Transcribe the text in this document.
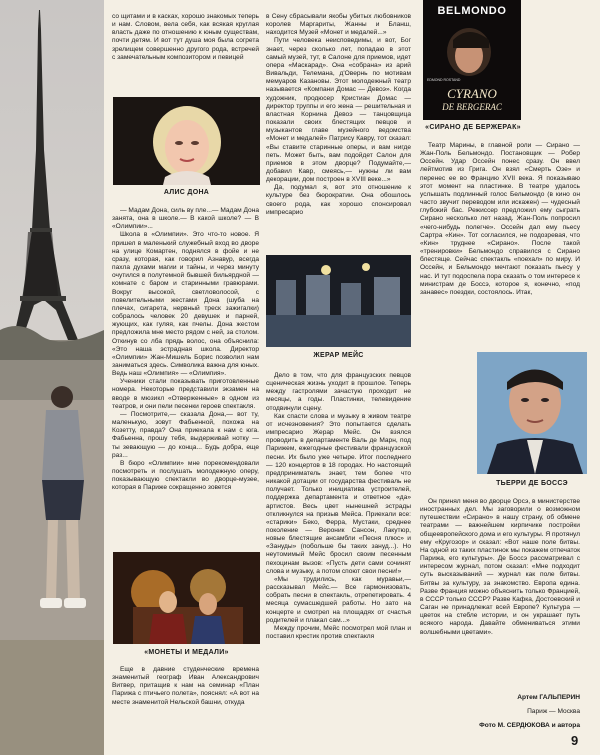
со щитами и в касках, хорошо знакомых теперь и нам. Словом, вела себя, как всякая круглая власть даже по отношению к юным существам, почти детям. И вот тут душа моя была согрета зрелищем совершенно другого рода, встречей с замечательным композитором и певицей

АЛИС ДОНА

— Мадам Дона, силь ву пле...— Мадам Дона занята, она в школе.— В какой школе? — В «Олимпии»...

Школа в «Олимпии». Это что-то новое. Я пришел в маленький служебный вход во дворе на улице Комартен, поднялся в фойе и не сразу, которая, как говорил Азнавур, всегда пахла духами магии и тайны, и через минуту очутился в полутемной бывшей бильярдной — комнате с баром и старинными гравюрами. Вокруг высокой, светловолосой, с повелительными жестами Дона (шуба на плечах, сигарета, нервный треск зажигалки) собралось человек 20 девушек и парней, жующих, как гуляя, как пчелы. Дона жестом предложила мне место рядом с ней, за столом. Откинув со лба прядь волос, она объяснила: «Это наша эстрадная школа. Директор «Олимпии» Жан-Мишель Борис позволил нам заниматься здесь. Символика важна для юных. Ведь наш «Олимпия» — «Олимпия».

Ученики стали показывать приготовленные номера. Некоторые представили экзамен на вводе в мюзикл «Отверженные» в одном из театров, и они пели песенки героев спектакля.

— Посмотрите,— сказала Дона,— вот ту, маленькую, зовут Фабьенной, похожа на Козетту, правда? Она приехала к нам с юга. Фабьенна, прошу тебя, выдерживай нотку — ты зевающую — до конца... Будь добра, еще раз...

В бюро «Олимпии» мне порекомендовали посмотреть и послушать молодежную оперу, показывающую спектакли во дворце-музее, которая в Париже сокращенно зовется

«МОНЕТЫ И МЕДАЛИ»

Еще в давние студенческие времена знаменитый географ Иван Александрович Витвер, притащив к нам на семинар «План Парижа с птичьего полета», пояснял: «А вот на месте знаменитой Нельской башни, откуда

в Сену сбрасывали якобы убитых любовников королев Маргариты, Жанны и Бланш, находится Музей «Монет и медалей...»

Пути человека неисповедимы, и вот, Бог знает, через сколько лет, попадаю в этот самый музей, тут, в Салоне для приемов, идет опера «Маскарад». Она «собрана» из арий Вивальди, Телемана, д'Овернь по мотивам мемуаров Казановы. Этот молодежный театр называется «Компани Домас — Девоэ». Когда художник, продюсер Кристиан Домас — директор труппы и его жена — решительная и властная Корнина Девоэ — танцовщица показали своих блестящих певцов и музыкантов главе музейного ведомства «Монет и медалей» Патрису Кавру, тот сказал: «Вы ставите старинные оперы, и вам нигде петь. Может быть, вам подойдет Салон для приемов в этом дворце? Подумайте,— добавил Кавр, смеясь,— нужны ли вам декорации, дом построен в XVIII веке...»

Да, подумал я, вот это отношение к культуре без бюрократии. Она обошлось своего рода, как хорошо спонсировал импресарио

ЖЕРАР МЕЙС

Дело в том, что для французских певцов сценическая жизнь уходит в прошлое. Теперь между гастролями зачастую проходит не месяцы, а годы. Пластинки, телевидение отодвинули сцену.

Как спасти слова и музыку в живом театре от исчезновения? Это попытается сделать импресарио Жерар Мейс. Он взялся проводить в департаменте Валь де Марн, под Парижем, ежегодные фестивали французской песни. Их было уже четыре. Итог последнего — 120 концертов в 18 городах. Но настоящий предприниматель знает, тем более что никакой дотации от государства фестиваль не получает. Только инициатива устроителей, поддержка департамента и ответное «да» артистов. Весь цвет нынешней эстрады откликнулся на призыв Мейса. Приехали все: «старики» Беко, Ферра, Мустаки, среднее поколение — Вероник Сансон, Лакутюр, новые блестящие ансамбли «Песня плюс» и «Зануды» (побольше бы таких зануд...). Но неутомимый Мейс бросил своим песенным пехоцинам вызов: «Пусть дети сами сочинят слова и музыку, а потом споют свои песни!»

«Мы трудились, как муравьи,— рассказывал Мейс.— Все гармонизовать, собрать песни в спектакль, отрепетировать. 4 месяца сумасшедшей работы. Но зато на концерте и смотрел на площадях от счастья родителей и плакал сам...»

Между прочим, Мейс посмотрел мой план и поставил крестик против спектакля

BELMONDO
EDMOND ROSTAND
CYRANO
DE BERGERAC
«СИРАНО ДЕ БЕРЖЕРАК»

Театр Марины, в главной роли — Сирано — Жан-Поль Бельмондо. Постановщик — Робер Оссейн. Удар Оссейн понес сразу. Он ввел лейтмотив из Грига. Он взял «Смерть Озе» и перенес ее во Францию XVII века. Я показываю этот момент на пластинке. В театре удалось услышать подлинный голос Бельмондо (в кино он часто звучит переводом или искажен) — чудесный глубокий бас. Режиссер предложил ему сыграть Сирано несколько лет назад. Жан-Поль попросил «чего-нибудь полегче». Оссейн дал ему пьесу Сартра «Кин». Тот согласился, не подозревая, что «Кин» труднее «Сирано». После такой «тренировки» Бельмондо справился с Сирано блестяще. Сейчас спектакль «поехал» по миру. И Оссейн, и Бельмондо мечтают показать пьесу у нас. И тут подоспела пора сказать о том интересе к министрам де Боссэ, которое я, конечно, «под занавес» поездки, состоялось. Итак,

ТЬЕРРИ ДЕ БОССЭ

Он принял меня во дворце Орсэ, в министерстве иностранных дел. Мы заговорили о возможном путешествии «Сирано» в нашу страну, об обмене театрами — важнейшем кирпичике постройки общеевропейского дома и его культуры. Я протянул ему «Кругозор» и сказал: «Вот наше поле битвы. На одной из таких пластинок мы покажем отпечаток Парижа, его культуры». Де Боссэ рассматривал с интересом журнал, потом сказал: «Мне подходит суть высказываний — журнал как поле битвы. Битвы за культуру, за знакомство. Европа едина. Разве Франция можно объяснить только Францией, в СССР только СССР? Разве Кафка, Достоевский и Саган не принадлежат всей Европе? Культура — цветок на стебле истории, и он украшает путь всякого народа. Давайте обмениваться этими волшебными цветами».

Артем ГАЛЬПЕРИН
Париж — Москва
Фото М. СЕРДЮКОВА и автора
9
